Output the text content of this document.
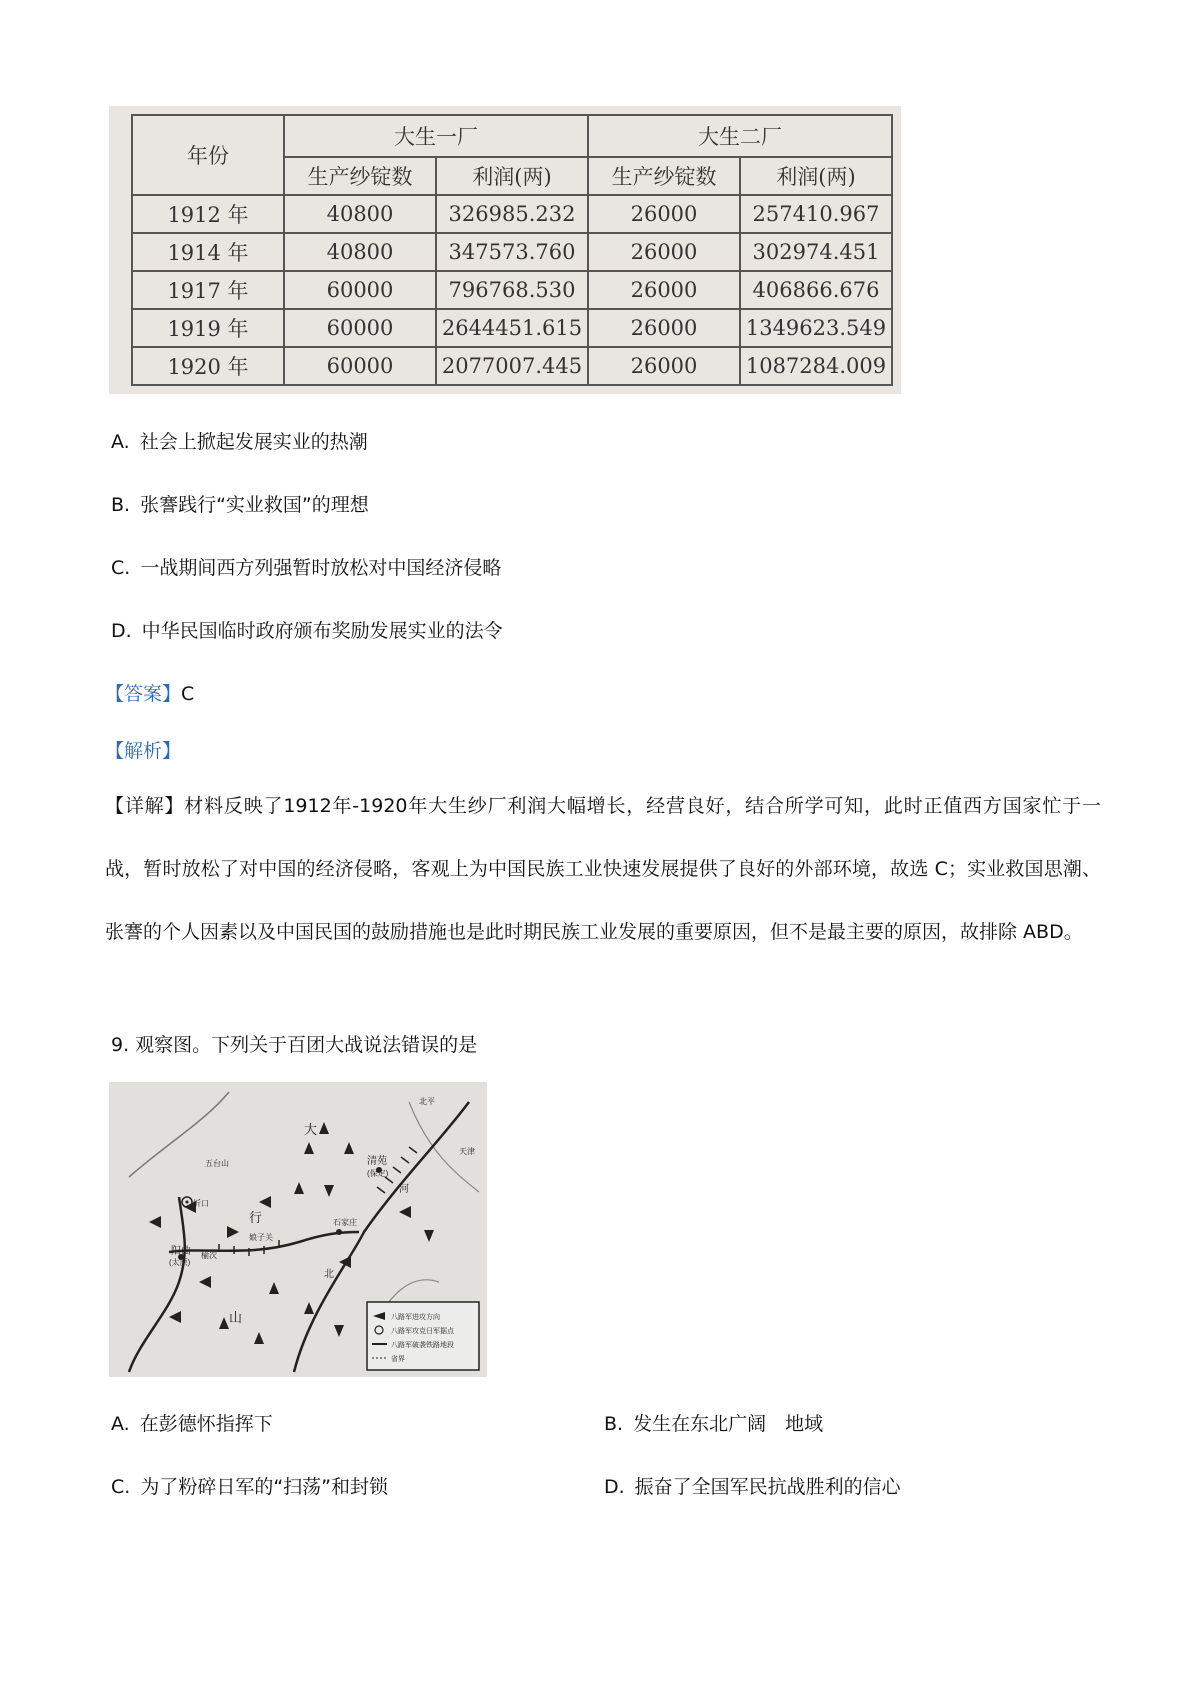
年份	大生一厂		大生二厂	
	生产纱锭数	利润(两)	生产纱锭数	利润(两)
1912 年	40800	326985.232	26000	257410.967
1914 年	40800	347573.760	26000	302974.451
1917 年	60000	796768.530	26000	406866.676
1919 年	60000	2644451.615	26000	1349623.549
1920 年	60000	2077007.445	26000	1087284.009
A. 社会上掀起发展实业的热潮
B. 张謇践行“实业救国”的理想
C. 一战期间西方列强暂时放松对中国经济侵略
D. 中华民国临时政府颁布奖励发展实业的法令
【答案】C
【解析】
【详解】材料反映了1912年-1920年大生纱厂利润大幅增长，经营良好，结合所学可知，此时正值西方国家忙于一战，暂时放松了对中国的经济侵略，客观上为中国民族工业快速发展提供了良好的外部环境，故选 C；实业救国思潮、张謇的个人因素以及中国民国的鼓励措施也是此时期民族工业发展的重要原因，但不是最主要的原因，故排除 ABD。
9. 观察图。下列关于百团大战说法错误的是
阳曲
(太原)
石家庄
清苑
(保定)
娘子关
榆次
忻口
行
大
山
河
北
五台山
天津
北平
八路军进攻方向
八路军攻克日军据点
八路军破袭铁路地段
省界
A. 在彭德怀指挥下	B. 发生在东北广阔　地域
C. 为了粉碎日军的“扫荡”和封锁	D. 振奋了全国军民抗战胜利的信心
